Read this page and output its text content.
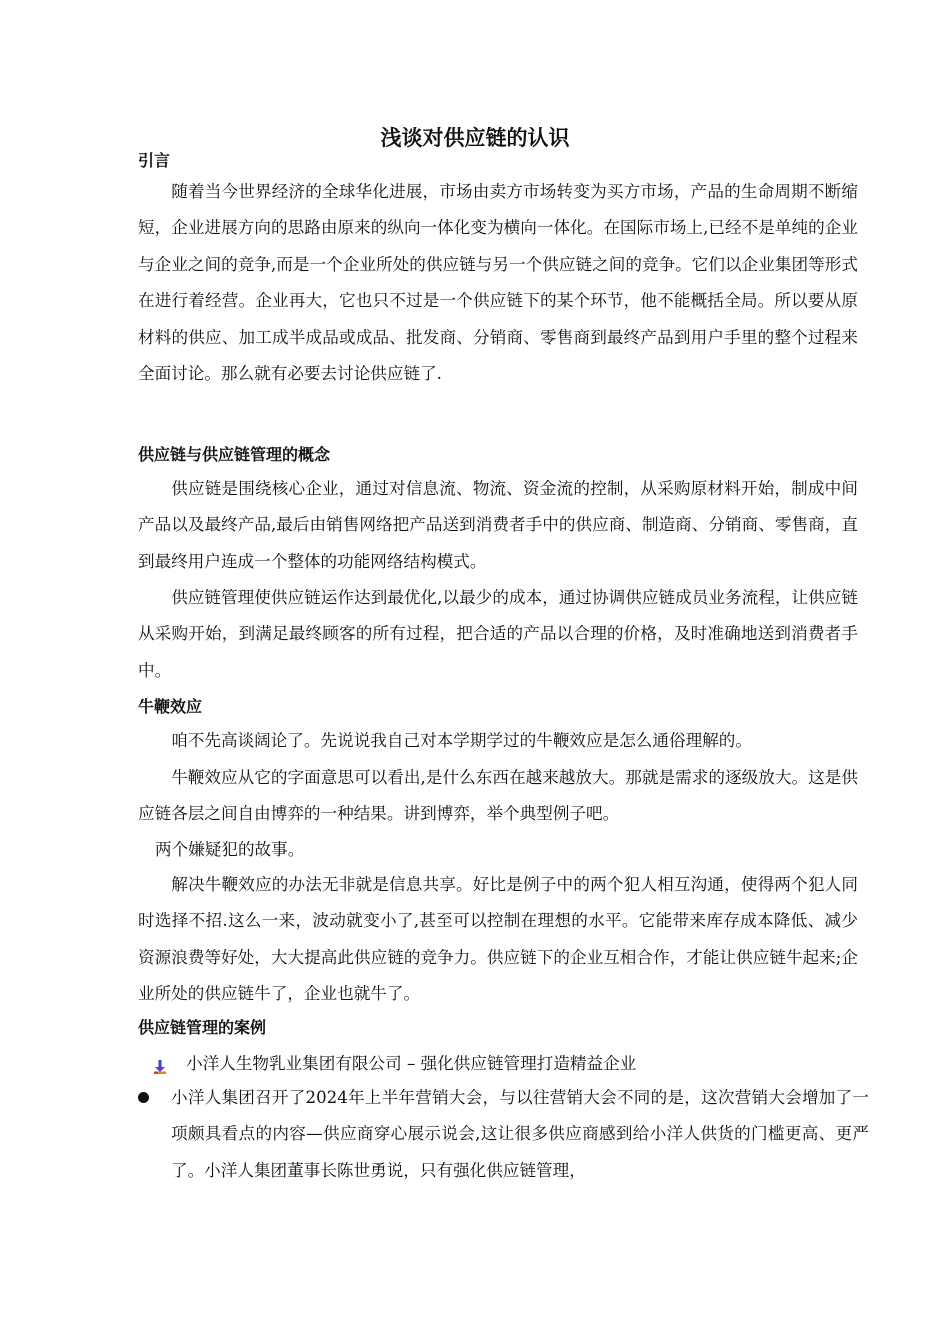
浅谈对供应链的认识
引言

随着当今世界经济的全球华化进展，市场由卖方市场转变为买方市场，产品的生命周期不断缩短，企业进展方向的思路由原来的纵向一体化变为横向一体化。在国际市场上,已经不是单纯的企业与企业之间的竞争,而是一个企业所处的供应链与另一个供应链之间的竞争。它们以企业集团等形式在进行着经营。企业再大，它也只不过是一个供应链下的某个环节，他不能概括全局。所以要从原材料的供应、加工成半成品或成品、批发商、分销商、零售商到最终产品到用户手里的整个过程来全面讨论。那么就有必要去讨论供应链了.

供应链与供应链管理的概念

供应链是围绕核心企业，通过对信息流、物流、资金流的控制，从采购原材料开始，制成中间产品以及最终产品,最后由销售网络把产品送到消费者手中的供应商、制造商、分销商、零售商，直到最终用户连成一个整体的功能网络结构模式。

供应链管理使供应链运作达到最优化,以最少的成本，通过协调供应链成员业务流程，让供应链从采购开始，到满足最终顾客的所有过程，把合适的产品以合理的价格，及时准确地送到消费者手中。

牛鞭效应

咱不先高谈阔论了。先说说我自己对本学期学过的牛鞭效应是怎么通俗理解的。

牛鞭效应从它的字面意思可以看出,是什么东西在越来越放大。那就是需求的逐级放大。这是供应链各层之间自由博弈的一种结果。讲到博弈，举个典型例子吧。

两个嫌疑犯的故事。

解决牛鞭效应的办法无非就是信息共享。好比是例子中的两个犯人相互沟通，使得两个犯人同时选择不招.这么一来，波动就变小了,甚至可以控制在理想的水平。它能带来库存成本降低、减少资源浪费等好处，大大提高此供应链的竞争力。供应链下的企业互相合作，才能让供应链牛起来;企业所处的供应链牛了，企业也就牛了。

供应链管理的案例
小洋人生物乳业集团有限公司 – 强化供应链管理打造精益企业

小洋人集团召开了2024年上半年营销大会，与以往营销大会不同的是，这次营销大会增加了一项颇具看点的内容—供应商穿心展示说会,这让很多供应商感到给小洋人供货的门槛更高、更严了。小洋人集团董事长陈世勇说，只有强化供应链管理，
